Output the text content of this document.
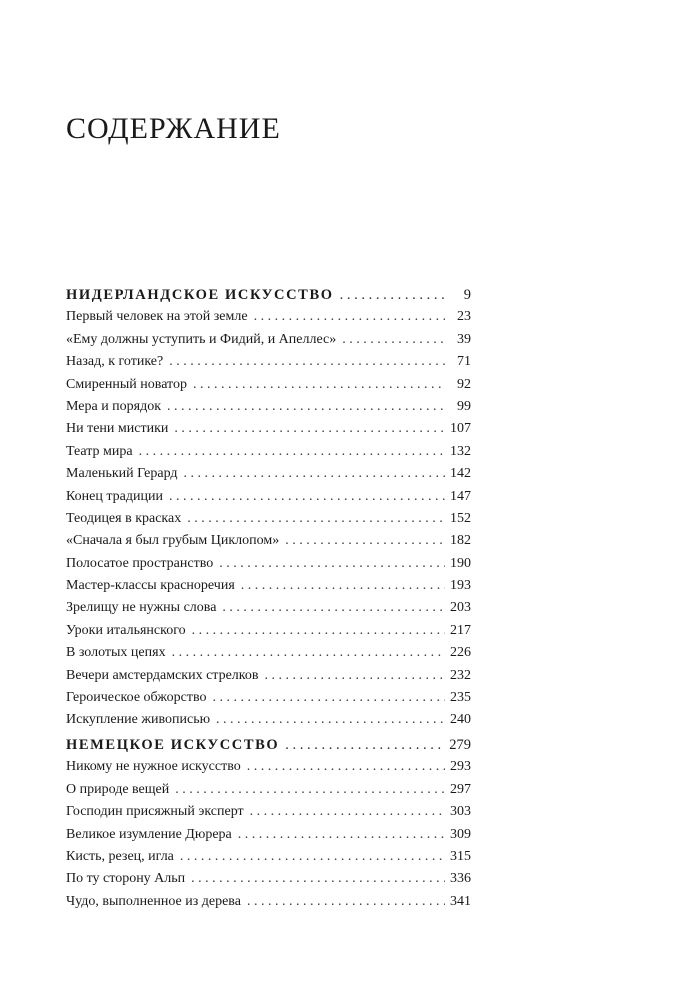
СОДЕРЖАНИЕ
НИДЕРЛАНДСКОЕ ИСКУССТВО . . .	9
Первый человек на этой земле . . .	23
«Ему должны уступить и Фидий, и Апеллес» . . .	39
Назад, к готике? . . .	71
Смиренный новатор . . .	92
Мера и порядок . . .	99
Ни тени мистики . . .	107
Театр мира . . .	132
Маленький Герард . . .	142
Конец традиции . . .	147
Теодицея в красках . . .	152
«Сначала я был грубым Циклопом» . . .	182
Полосатое пространство . . .	190
Мастер-классы красноречия . . .	193
Зрелищу не нужны слова . . .	203
Уроки итальянского . . .	217
В золотых цепях . . .	226
Вечери амстердамских стрелков . . .	232
Героическое обжорство . . .	235
Искупление живописью . . .	240
НЕМЕЦКОЕ ИСКУССТВО . . .	279
Никому не нужное искусство . . .	293
О природе вещей . . .	297
Господин присяжный эксперт . . .	303
Великое изумление Дюрера . . .	309
Кисть, резец, игла . . .	315
По ту сторону Альп . . .	336
Чудо, выполненное из дерева . . .	341
